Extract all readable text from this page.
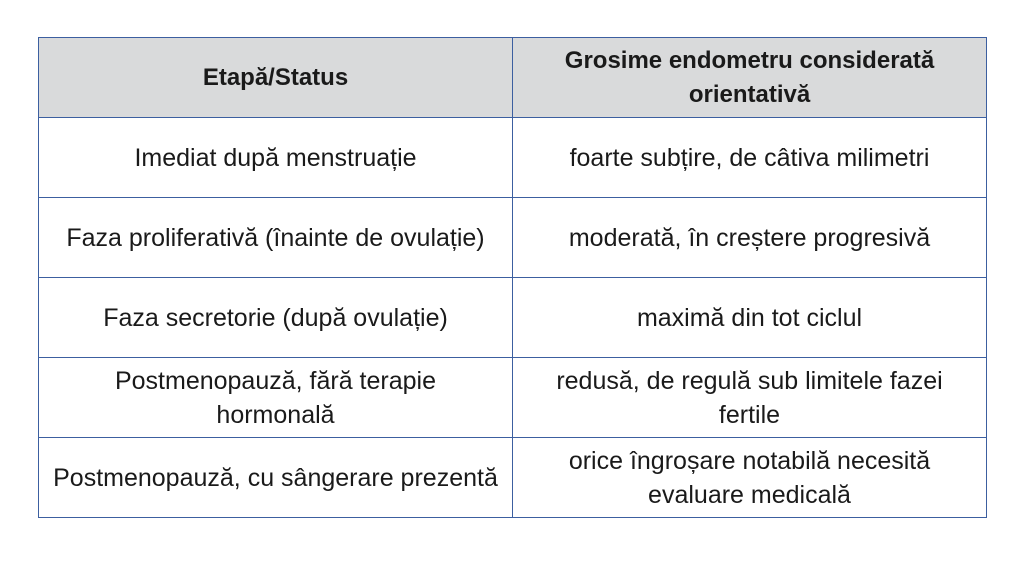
Etapă/Status	Grosime endometru considerată orientativă
Imediat după menstruație	foarte subțire, de câtiva milimetri
Faza proliferativă (înainte de ovulație)	moderată, în creștere progresivă
Faza secretorie (după ovulație)	maximă din tot ciclul
Postmenopauză, fără terapie hormonală	redusă, de regulă sub limitele fazei fertile
Postmenopauză, cu sângerare prezentă	orice îngroșare notabilă necesită evaluare medicală
